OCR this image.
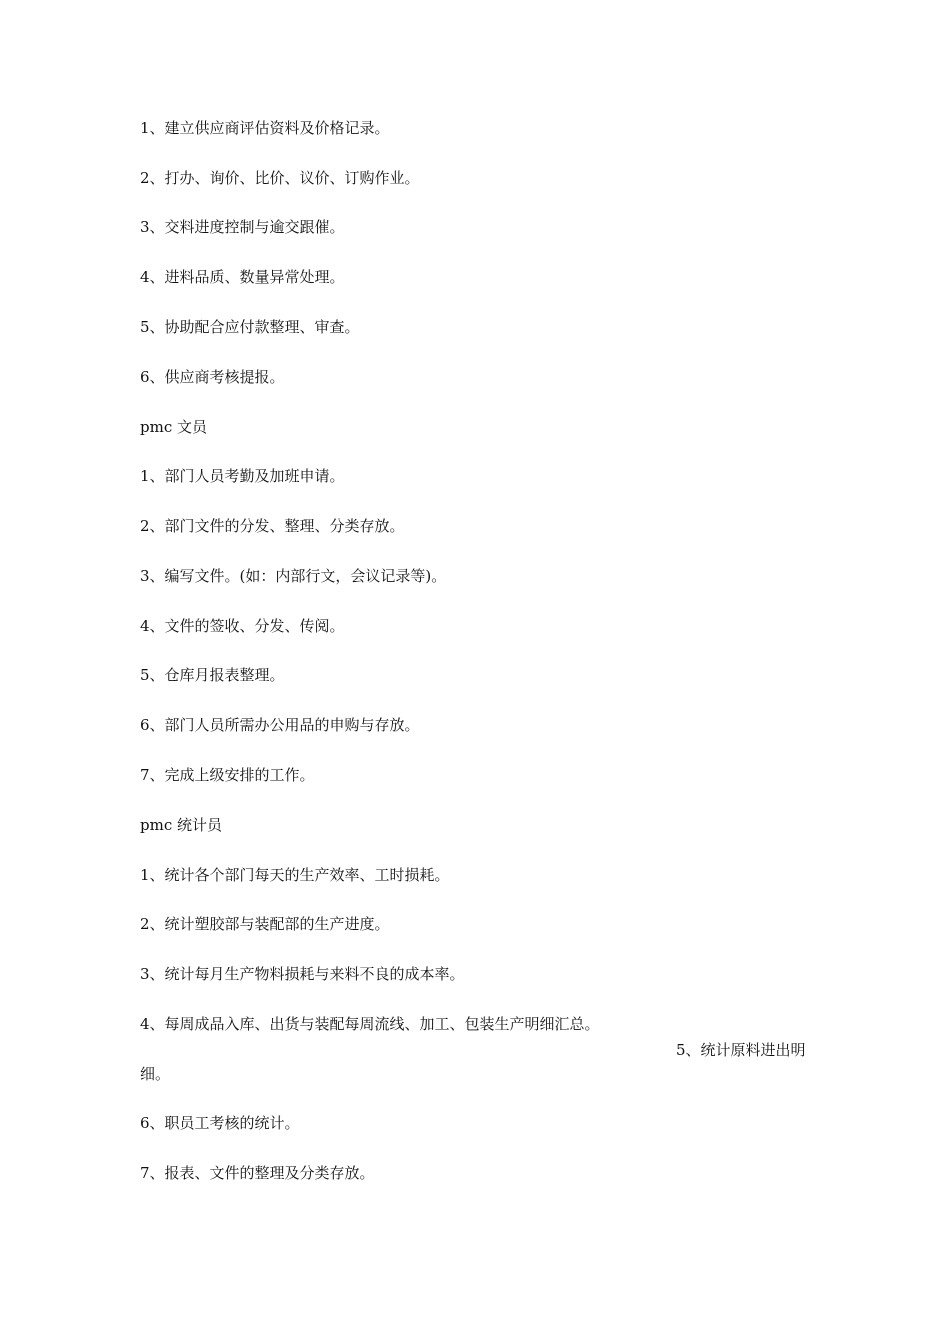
1、建立供应商评估资料及价格记录。
2、打办、询价、比价、议价、订购作业。
3、交料进度控制与逾交跟催。
4、进料品质、数量异常处理。
5、协助配合应付款整理、审查。
6、供应商考核提报。
pmc 文员
1、部门人员考勤及加班申请。
2、部门文件的分发、整理、分类存放。
3、编写文件。(如：内部行文，会议记录等)。
4、文件的签收、分发、传阅。
5、仓库月报表整理。
6、部门人员所需办公用品的申购与存放。
7、完成上级安排的工作。
pmc 统计员
1、统计各个部门每天的生产效率、工时损耗。
2、统计塑胶部与装配部的生产进度。
3、统计每月生产物料损耗与来料不良的成本率。
4、每周成品入库、出货与装配每周流线、加工、包装生产明细汇总。
5、统计原料进出明
细。
6、职员工考核的统计。
7、报表、文件的整理及分类存放。
